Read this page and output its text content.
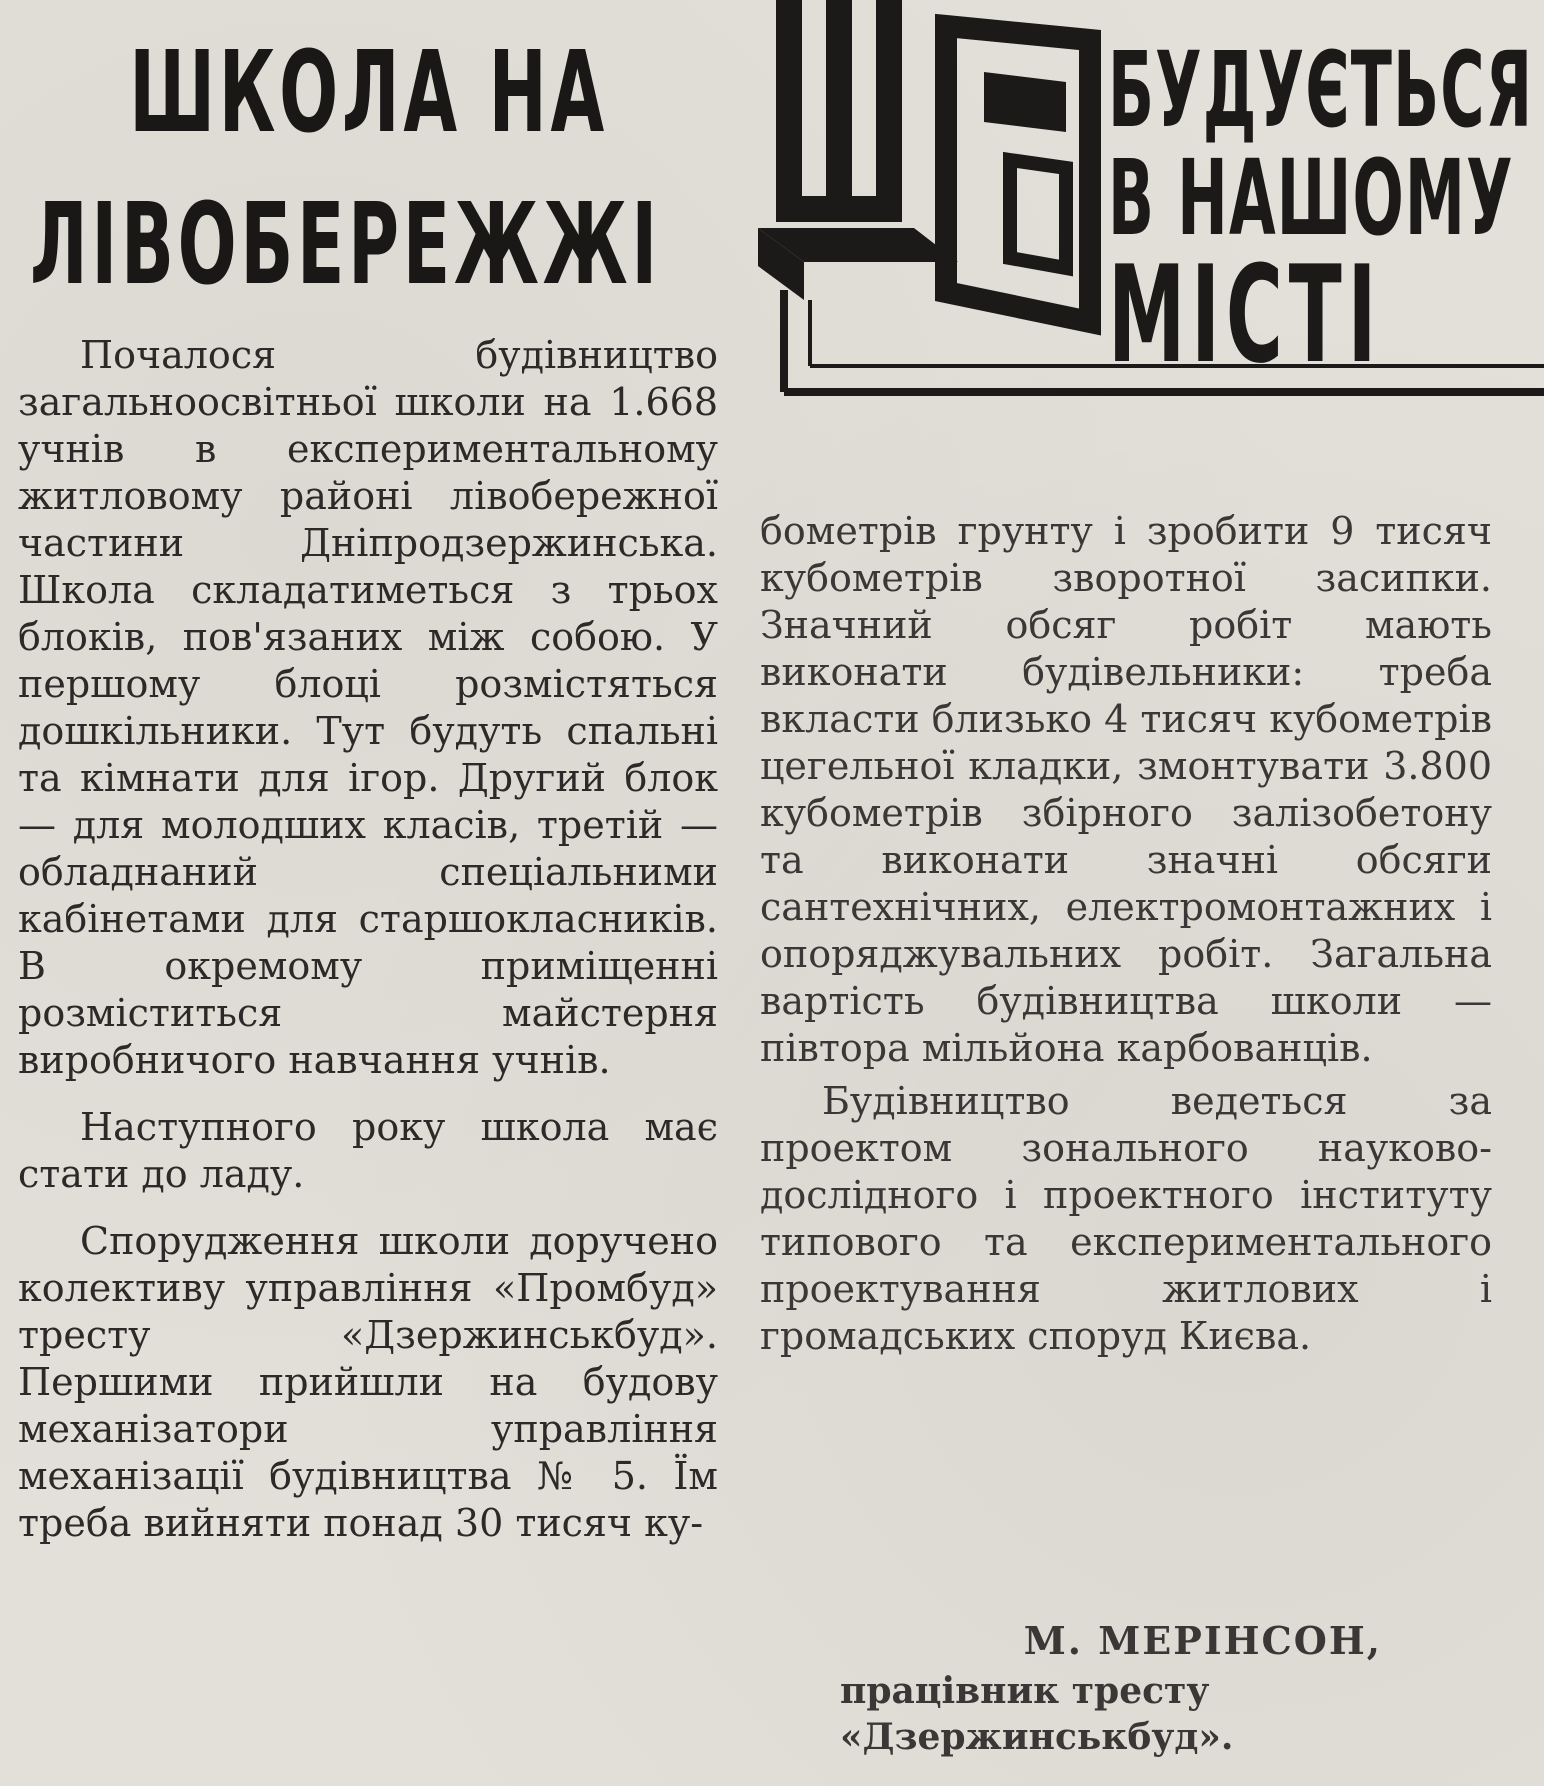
ШКОЛА НА
ЛІВОБЕРЕЖЖІ
БУДУЄТЬСЯ
В НАШОМУ
МІСТІ

Почалося будівництво загальноосвітньої школи на 1.668 учнів в експериментальному житловому районі лівобережної частини Дніпродзержинська. Школа складатиметься з трьох блоків, пов'язаних між собою. У першому блоці розмістяться дошкільники. Тут будуть спальні та кімнати для ігор. Другий блок — для молодших класів, третій — обладнаний спеціальними кабінетами для старшокласників. В окремому приміщенні розміститься майстерня виробничого навчання учнів.

Наступного року школа має стати до ладу.

Спорудження школи доручено колективу управління «Промбуд» тресту «Дзержинськбуд». Першими прийшли на будову механізатори управління механізації будівництва № 5. Їм треба вийняти понад 30 тисяч ку-

бометрів грунту і зробити 9 тисяч кубометрів зворотної засипки. Значний обсяг робіт мають виконати будівельники: треба вкласти близько 4 тисяч кубометрів цегельної кладки, змонтувати 3.800 кубометрів збірного залізобетону та виконати значні обсяги сантехнічних, електромонтажних і опоряджувальних робіт. Загальна вартість будівництва школи — півтора мільйона карбованців.

Будівництво ведеться за проектом зонального науково-дослідного і проектного інституту типового та експериментального проектування житлових і громадських споруд Києва.

М. МЕРІНСОН,
працівник тресту «Дзержинськбуд».
